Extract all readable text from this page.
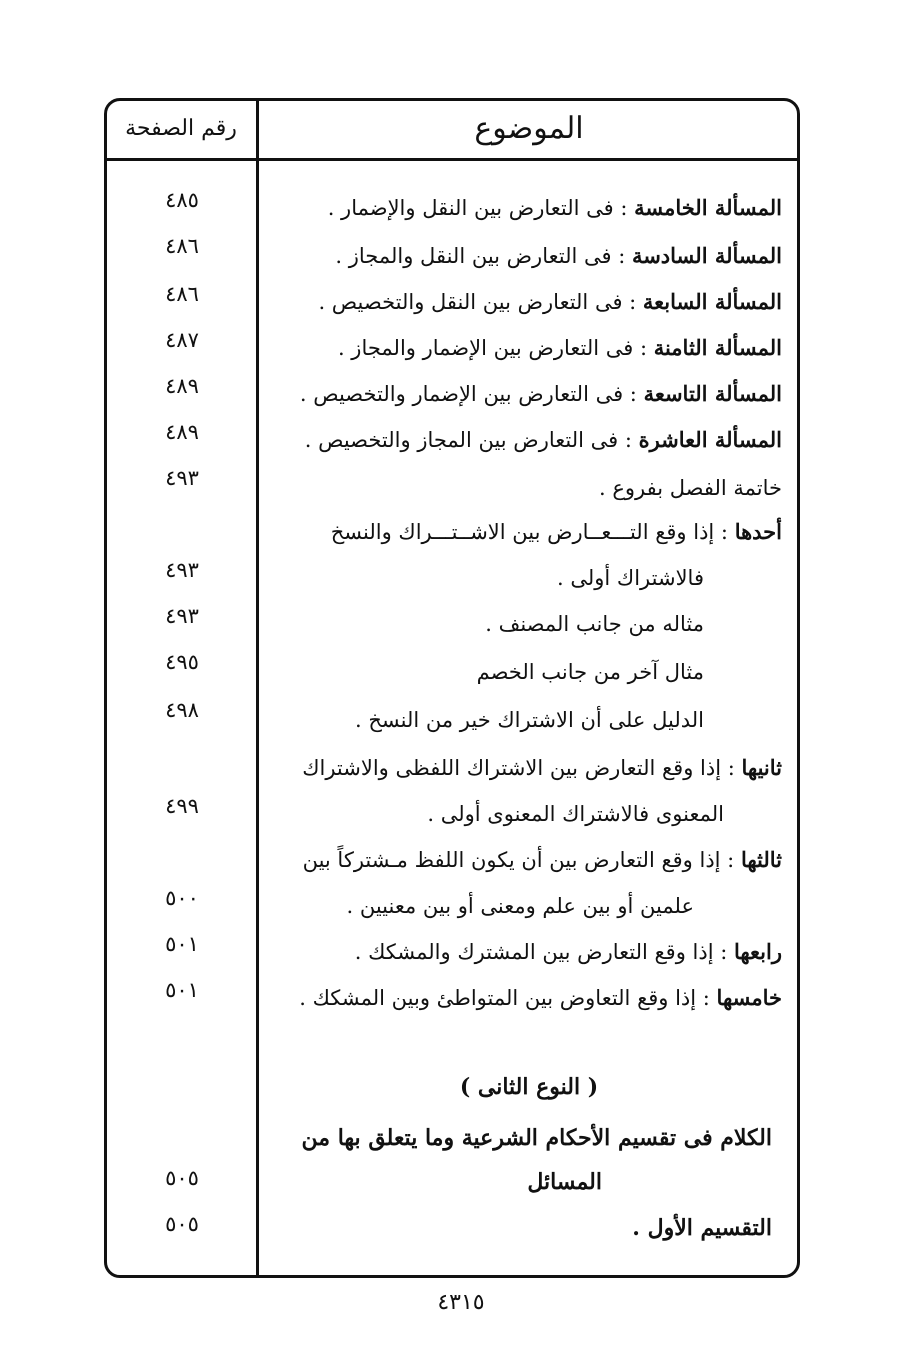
الموضوع
رقم الصفحة
المسألة الخامسة : فى التعارض بين النقل والإضمار .
٤٨٥
المسألة السادسة : فى التعارض بين النقل والمجاز .
٤٨٦
المسألة السابعة : فى التعارض بين النقل والتخصيص .
٤٨٦
المسألة الثامنة : فى التعارض بين الإضمار والمجاز .
٤٨٧
المسألة التاسعة : فى التعارض بين الإضمار والتخصيص .
٤٨٩
المسألة العاشرة : فى التعارض بين المجاز والتخصيص .
٤٨٩
خاتمة الفصل بفروع .
٤٩٣
أحدها : إذا وقع التـــعــارض بين الاشــتـــراك والنسخ
فالاشتراك أولى .
٤٩٣
مثاله من جانب المصنف .
٤٩٣
مثال آخر من جانب الخصم
٤٩٥
الدليل على أن الاشتراك خير من النسخ .
٤٩٨
ثانيها : إذا وقع التعارض بين الاشتراك اللفظى والاشتراك
المعنوى فالاشتراك المعنوى أولى .
٤٩٩
ثالثها : إذا وقع التعارض بين أن يكون اللفظ مـشتركاً بين
علمين أو بين علم ومعنى أو بين معنيين .
٥٠٠
رابعها : إذا وقع التعارض بين المشترك والمشكك .
٥٠١
خامسها : إذا وقع التعاوض بين المتواطئ وبين المشكك .
٥٠١
( النوع الثانى )
الكلام فى تقسيم الأحكام الشرعية وما يتعلق بها من
المسائل
٥٠٥
التقسيم الأول .
٥٠٥
٤٣١٥
